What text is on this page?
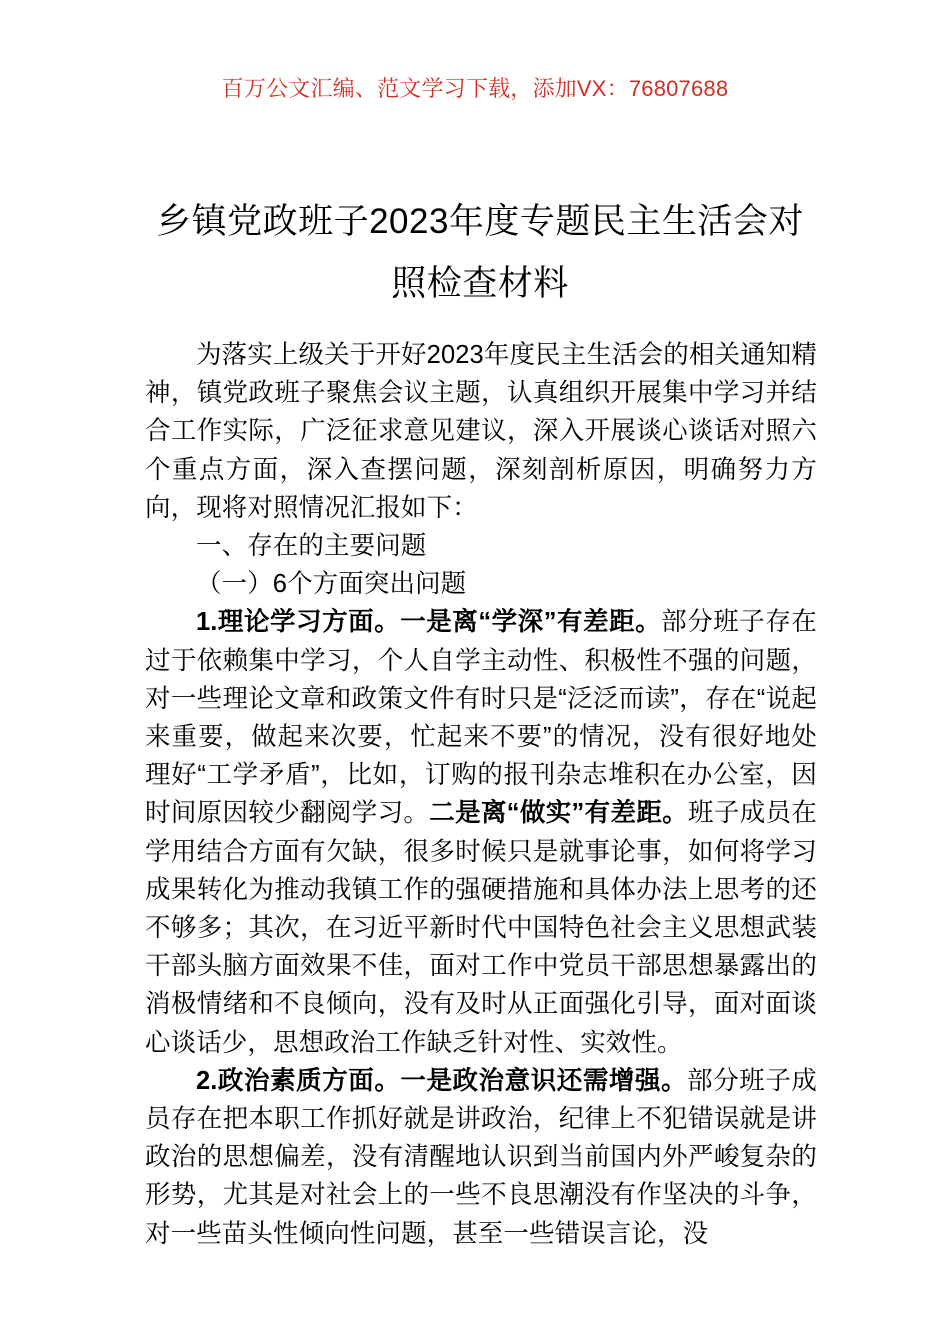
百万公文汇编、范文学习下载，添加VX：76807688
乡镇党政班子2023年度专题民主生活会对照检查材料

为落实上级关于开好2023年度民主生活会的相关通知精神，镇党政班子聚焦会议主题，认真组织开展集中学习并结合工作实际，广泛征求意见建议，深入开展谈心谈话对照六个重点方面，深入查摆问题，深刻剖析原因，明确努力方向，现将对照情况汇报如下：

一、存在的主要问题

（一）6个方面突出问题

1.理论学习方面。一是离“学深”有差距。部分班子存在过于依赖集中学习，个人自学主动性、积极性不强的问题，对一些理论文章和政策文件有时只是“泛泛而读”，存在“说起来重要，做起来次要，忙起来不要”的情况，没有很好地处理好“工学矛盾”，比如，订购的报刊杂志堆积在办公室，因时间原因较少翻阅学习。二是离“做实”有差距。班子成员在学用结合方面有欠缺，很多时候只是就事论事，如何将学习成果转化为推动我镇工作的强硬措施和具体办法上思考的还不够多；其次，在习近平新时代中国特色社会主义思想武装干部头脑方面效果不佳，面对工作中党员干部思想暴露出的消极情绪和不良倾向，没有及时从正面强化引导，面对面谈心谈话少，思想政治工作缺乏针对性、实效性。

2.政治素质方面。一是政治意识还需增强。部分班子成员存在把本职工作抓好就是讲政治，纪律上不犯错误就是讲政治的思想偏差，没有清醒地认识到当前国内外严峻复杂的形势，尤其是对社会上的一些不良思潮没有作坚决的斗争，对一些苗头性倾向性问题，甚至一些错误言论，没
